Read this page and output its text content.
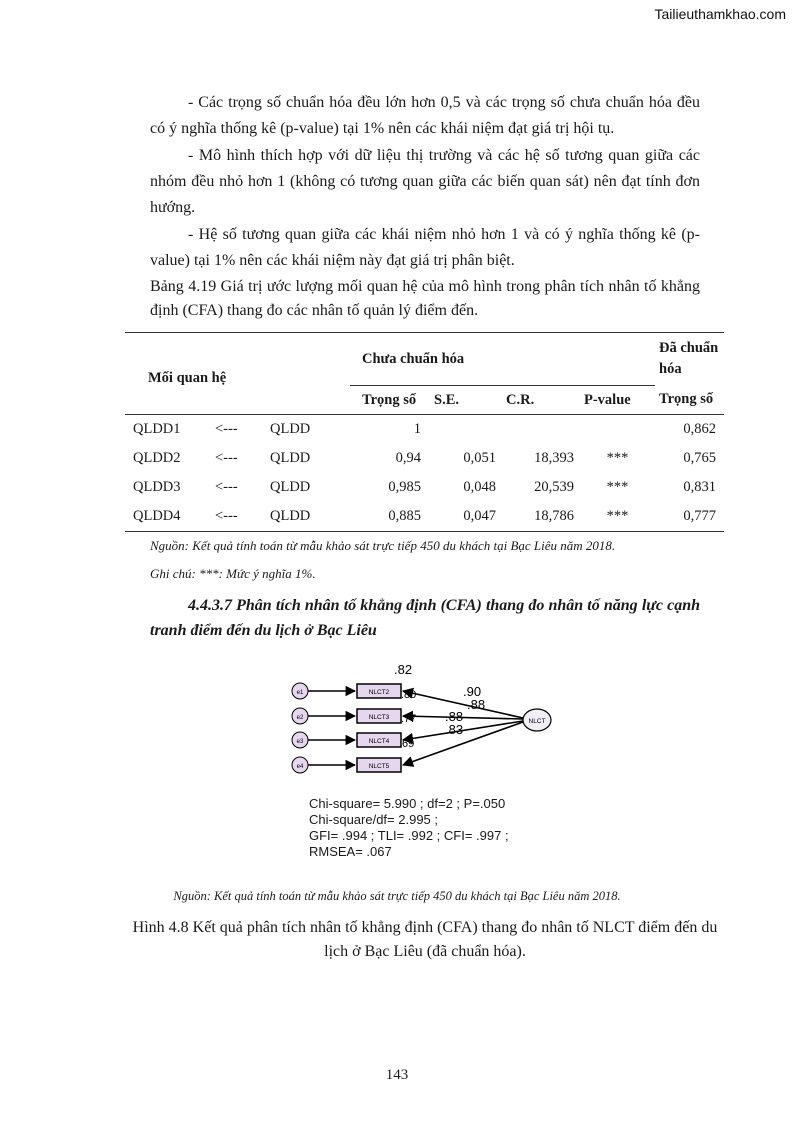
Tailieuthamkhao.com

- Các trọng số chuẩn hóa đều lớn hơn 0,5 và các trọng số chưa chuẩn hóa đều có ý nghĩa thống kê (p-value) tại 1% nên các khái niệm đạt giá trị hội tụ.

- Mô hình thích hợp với dữ liệu thị trường và các hệ số tương quan giữa các nhóm đều nhỏ hơn 1 (không có tương quan giữa các biến quan sát) nên đạt tính đơn hướng.

- Hệ số tương quan giữa các khái niệm nhỏ hơn 1 và có ý nghĩa thống kê (p-value) tại 1% nên các khái niệm này đạt giá trị phân biệt.

Bảng 4.19 Giá trị ước lượng mối quan hệ của mô hình trong phân tích nhân tố khẳng định (CFA) thang đo các nhân tố quản lý điểm đến.

Mối quan hệ			Chưa chuẩn hóa				Đã chuẩn hóa
			Trọng số	S.E.	C.R.	P-value	Trọng số
QLDD1	<---	QLDD	1				0,862
QLDD2	<---	QLDD	0,94	0,051	18,393	***	0,765
QLDD3	<---	QLDD	0,985	0,048	20,539	***	0,831
QLDD4	<---	QLDD	0,885	0,047	18,786	***	0,777
Nguồn: Kết quả tính toán từ mẫu khảo sát trực tiếp 450 du khách tại Bạc Liêu năm 2018.
Ghi chú: ***: Mức ý nghĩa 1%.
4.4.3.7 Phân tích nhân tố khẳng định (CFA) thang đo nhân tố năng lực cạnh tranh điểm đến du lịch ở Bạc Liêu
e1
e2
e3
e4
NLCT2
NLCT3
NLCT4
NLCT5
NLCT
.90
.88
.88
.83
.82
.80
.77
.69
Chi-square= 5.990 ; df=2 ; P=.050
Chi-square/df= 2.995 ;
GFI= .994 ; TLI= .992 ; CFI= .997 ;
RMSEA= .067
Nguồn: Kết quả tính toán từ mẫu khảo sát trực tiếp 450 du khách tại Bạc Liêu năm 2018.
Hình 4.8 Kết quả phân tích nhân tố khẳng định (CFA) thang đo nhân tố NLCT điểm đến du lịch ở Bạc Liêu (đã chuẩn hóa).
143
